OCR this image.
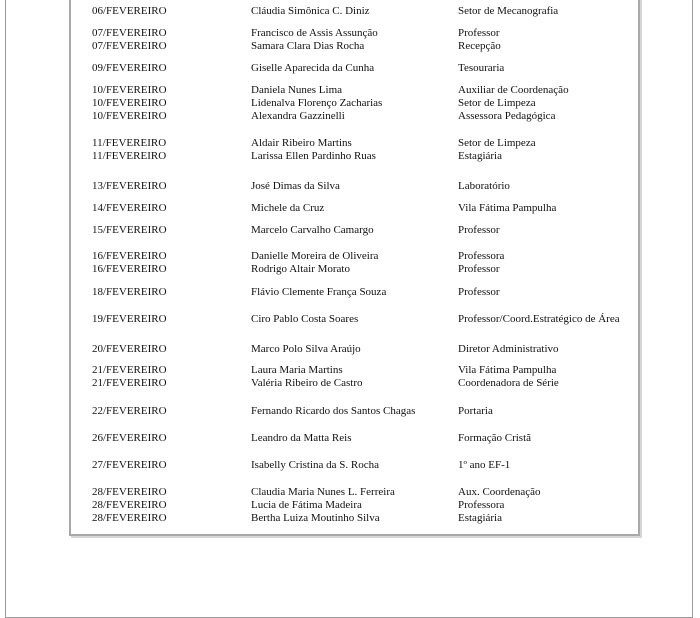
06/FEVEREIRO	Cláudia Simônica C. Diniz	Setor de Mecanografia
07/FEVEREIRO	Francisco de Assis Assunção	Professor
07/FEVEREIRO	Samara Clara Dias Rocha	Recepção
09/FEVEREIRO	Giselle Aparecida da Cunha	Tesouraria
10/FEVEREIRO	Daniela Nunes Lima	Auxiliar de Coordenação
10/FEVEREIRO	Lidenalva Florenço Zacharias	Setor de Limpeza
10/FEVEREIRO	Alexandra Gazzinelli	Assessora Pedagógica
11/FEVEREIRO	Aldair Ribeiro Martins	Setor de Limpeza
11/FEVEREIRO	Larissa Ellen Pardinho Ruas	Estagiária
13/FEVEREIRO	José Dimas da Silva	Laboratório
14/FEVEREIRO	Michele da Cruz	Vila Fátima Pampulha
15/FEVEREIRO	Marcelo Carvalho Camargo	Professor
16/FEVEREIRO	Danielle Moreira de Oliveira	Professora
16/FEVEREIRO	Rodrigo Altair Morato	Professor
18/FEVEREIRO	Flávio Clemente França Souza	Professor
19/FEVEREIRO	Ciro Pablo Costa Soares	Professor/Coord.Estratégico de Área
20/FEVEREIRO	Marco Polo Silva Araújo	Diretor Administrativo
21/FEVEREIRO	Laura Maria Martins	Vila Fátima Pampulha
21/FEVEREIRO	Valéria Ribeiro de Castro	Coordenadora de Série
22/FEVEREIRO	Fernando Ricardo dos Santos Chagas	Portaria
26/FEVEREIRO	Leandro da Matta Reis	Formação Cristã
27/FEVEREIRO	Isabelly Cristina da S. Rocha	1º ano EF-1
28/FEVEREIRO	Claudia Maria Nunes L. Ferreira	Aux. Coordenação
28/FEVEREIRO	Lucia de Fátima Madeira	Professora
28/FEVEREIRO	Bertha Luiza Moutinho Silva	Estagiária
